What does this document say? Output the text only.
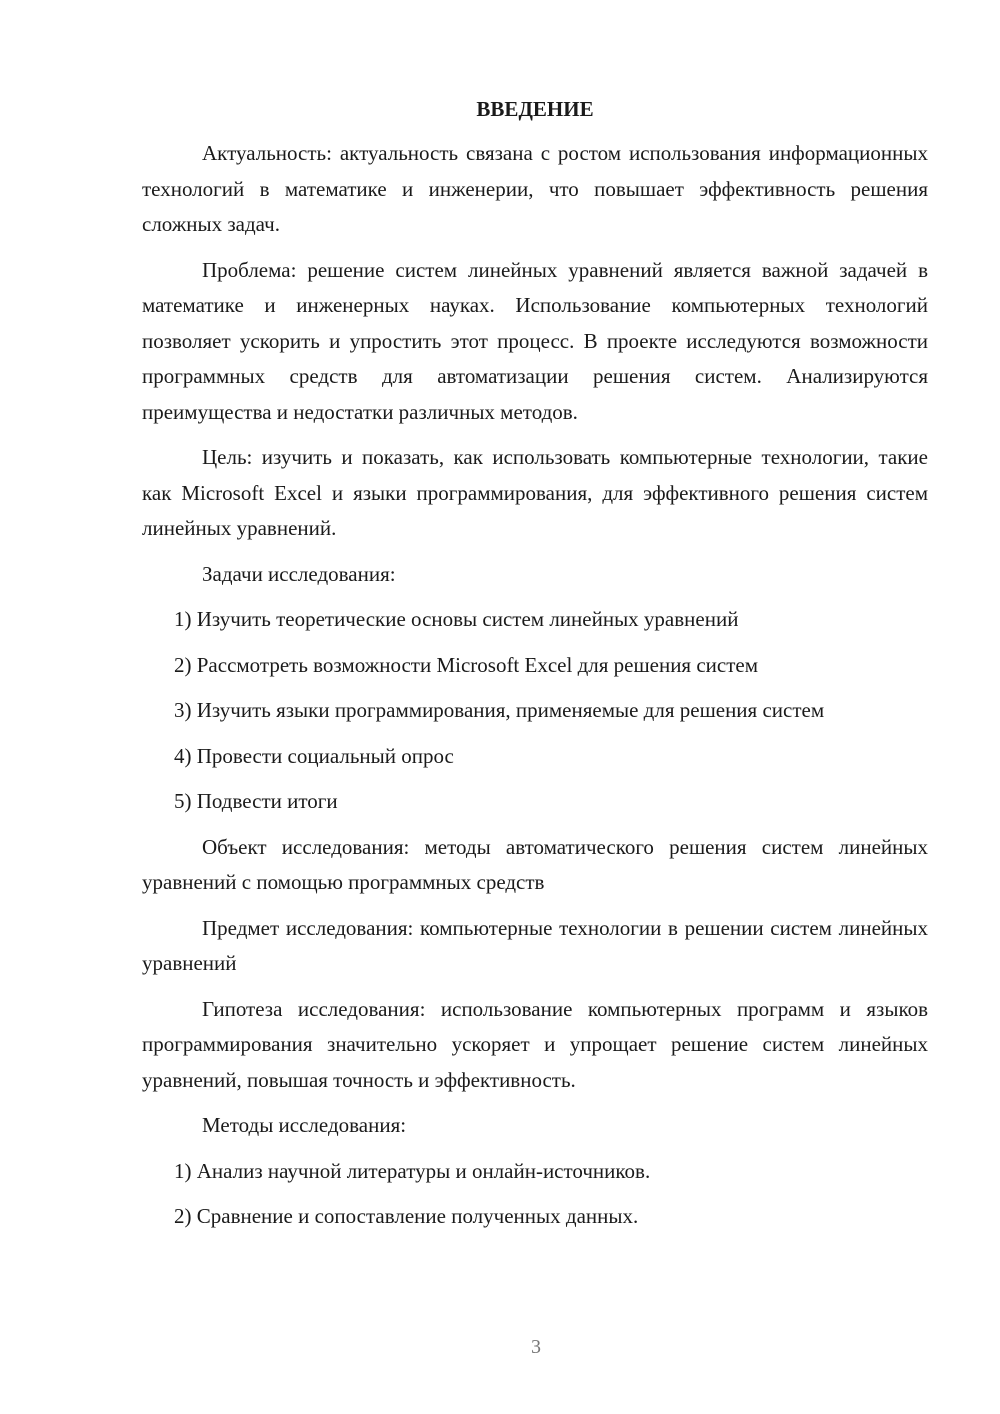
ВВЕДЕНИЕ

Актуальность: актуальность связана с ростом использования информационных технологий в математике и инженерии, что повышает эффективность решения сложных задач.

Проблема: решение систем линейных уравнений является важной задачей в математике и инженерных науках. Использование компьютерных технологий позволяет ускорить и упростить этот процесс. В проекте исследуются возможности программных средств для автоматизации решения систем. Анализируются преимущества и недостатки различных методов.

Цель: изучить и показать, как использовать компьютерные технологии, такие как Microsoft Excel и языки программирования, для эффективного решения систем линейных уравнений.

Задачи исследования:

1) Изучить теоретические основы систем линейных уравнений

2) Рассмотреть возможности Microsoft Excel для решения систем

3) Изучить языки программирования, применяемые для решения систем

4) Провести социальный опрос

5) Подвести итоги

Объект исследования: методы автоматического решения систем линейных уравнений с помощью программных средств

Предмет исследования: компьютерные технологии в решении систем линейных уравнений

Гипотеза исследования: использование компьютерных программ и языков программирования значительно ускоряет и упрощает решение систем линейных уравнений, повышая точность и эффективность.

Методы исследования:

1) Анализ научной литературы и онлайн-источников.

2) Сравнение и сопоставление полученных данных.

3
